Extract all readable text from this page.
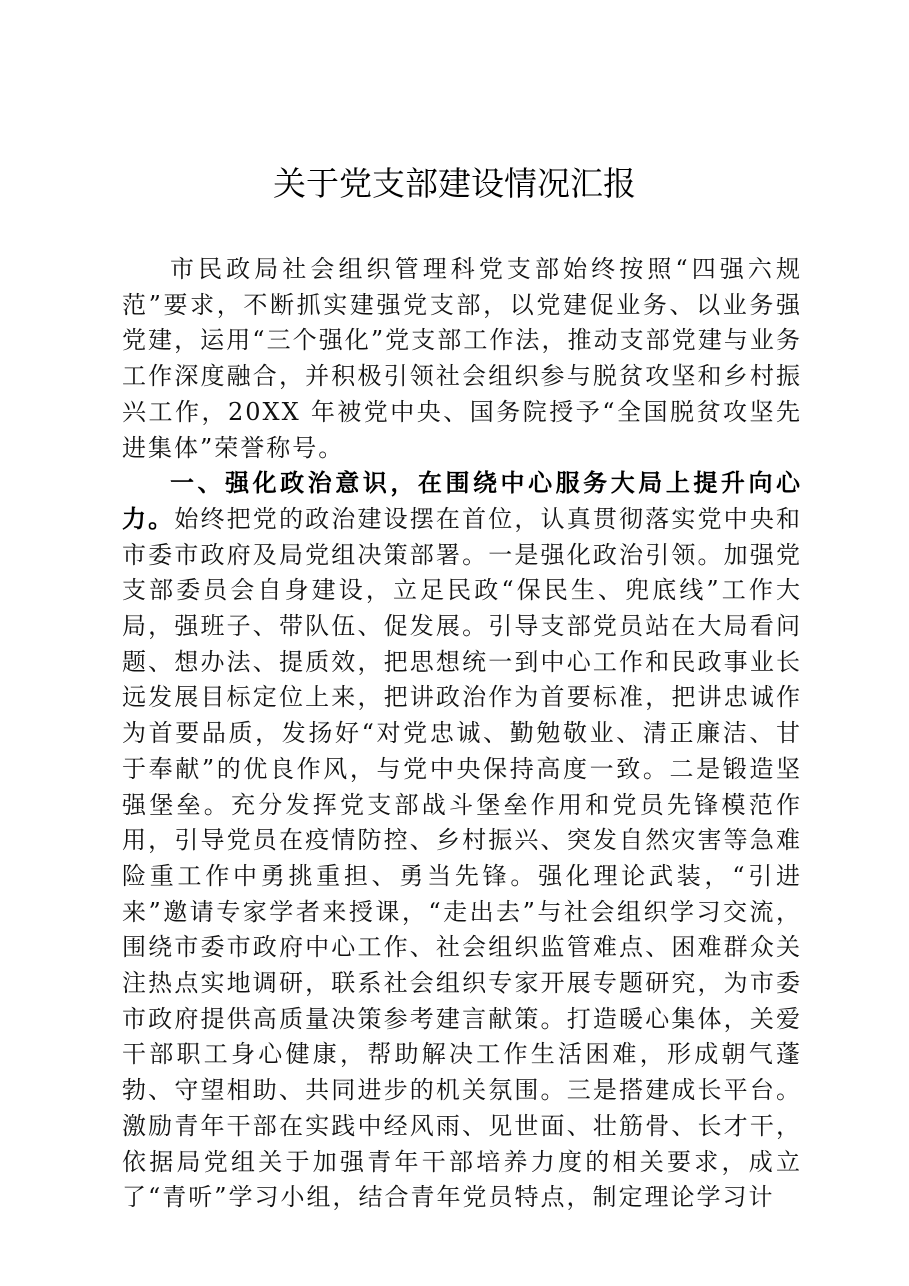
关于党支部建设情况汇报

市民政局社会组织管理科党支部始终按照“四强六规范”要求，不断抓实建强党支部，以党建促业务、以业务强党建，运用“三个强化”党支部工作法，推动支部党建与业务工作深度融合，并积极引领社会组织参与脱贫攻坚和乡村振兴工作，20XX 年被党中央、国务院授予“全国脱贫攻坚先进集体”荣誉称号。

一、强化政治意识，在围绕中心服务大局上提升向心力。始终把党的政治建设摆在首位，认真贯彻落实党中央和市委市政府及局党组决策部署。一是强化政治引领。加强党支部委员会自身建设，立足民政“保民生、兜底线”工作大局，强班子、带队伍、促发展。引导支部党员站在大局看问题、想办法、提质效，把思想统一到中心工作和民政事业长远发展目标定位上来，把讲政治作为首要标准，把讲忠诚作为首要品质，发扬好“对党忠诚、勤勉敬业、清正廉洁、甘于奉献”的优良作风，与党中央保持高度一致。二是锻造坚强堡垒。充分发挥党支部战斗堡垒作用和党员先锋模范作用，引导党员在疫情防控、乡村振兴、突发自然灾害等急难险重工作中勇挑重担、勇当先锋。强化理论武装，“引进来”邀请专家学者来授课，“走出去”与社会组织学习交流，围绕市委市政府中心工作、社会组织监管难点、困难群众关注热点实地调研，联系社会组织专家开展专题研究，为市委市政府提供高质量决策参考建言献策。打造暖心集体，关爱干部职工身心健康，帮助解决工作生活困难，形成朝气蓬勃、守望相助、共同进步的机关氛围。三是搭建成长平台。激励青年干部在实践中经风雨、见世面、壮筋骨、长才干，依据局党组关于加强青年干部培养力度的相关要求，成立了“青听”学习小组，结合青年党员特点，制定理论学习计
